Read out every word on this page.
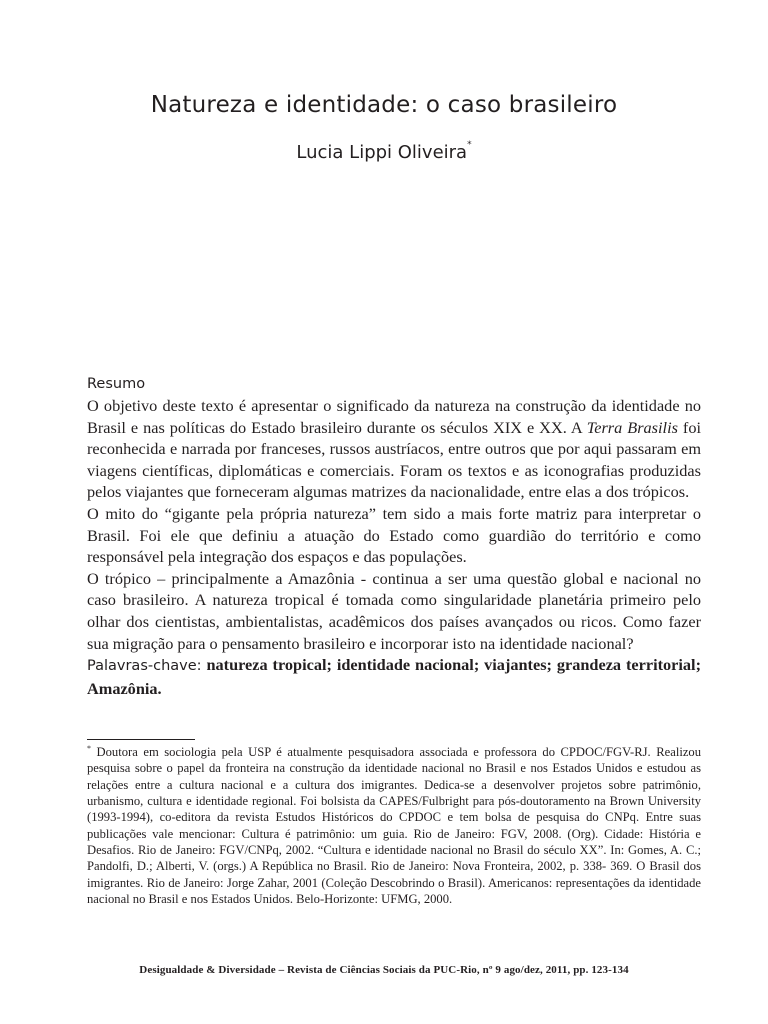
Natureza e identidade: o caso brasileiro
Lucia Lippi Oliveira*
Resumo

O objetivo deste texto é apresentar o significado da natureza na construção da identidade no Brasil e nas políticas do Estado brasileiro durante os séculos XIX e XX. A Terra Brasilis foi reconhecida e narrada por franceses, russos austríacos, entre outros que por aqui passaram em viagens científicas, diplomáticas e comerciais. Foram os textos e as iconografias produzidas pelos viajantes que forneceram algumas matrizes da nacionalidade, entre elas a dos trópicos.

O mito do “gigante pela própria natureza” tem sido a mais forte matriz para interpretar o Brasil. Foi ele que definiu a atuação do Estado como guardião do território e como responsável pela integração dos espaços e das populações.

O trópico – principalmente a Amazônia - continua a ser uma questão global e nacional no caso brasileiro. A natureza tropical é tomada como singularidade planetária primeiro pelo olhar dos cientistas, ambientalistas, acadêmicos dos países avançados ou ricos. Como fazer sua migração para o pensamento brasileiro e incorporar isto na identidade nacional?

Palavras-chave: natureza tropical; identidade nacional; viajantes; grandeza territorial; Amazônia.

* Doutora em sociologia pela USP é atualmente pesquisadora associada e professora do CPDOC/FGV-RJ. Realizou pesquisa sobre o papel da fronteira na construção da identidade nacional no Brasil e nos Estados Unidos e estudou as relações entre a cultura nacional e a cultura dos imigrantes. Dedica-se a desenvolver projetos sobre patrimônio, urbanismo, cultura e identidade regional. Foi bolsista da CAPES/Fulbright para pós-doutoramento na Brown University (1993-1994), co-editora da revista Estudos Históricos do CPDOC e tem bolsa de pesquisa do CNPq. Entre suas publicações vale mencionar: Cultura é patrimônio: um guia. Rio de Janeiro: FGV, 2008. (Org). Cidade: História e Desafios. Rio de Janeiro: FGV/CNPq, 2002. “Cultura e identidade nacional no Brasil do século XX”. In: Gomes, A. C.; Pandolfi, D.; Alberti, V. (orgs.) A República no Brasil. Rio de Janeiro: Nova Fronteira, 2002, p. 338- 369. O Brasil dos imigrantes. Rio de Janeiro: Jorge Zahar, 2001 (Coleção Descobrindo o Brasil). Americanos: representações da identidade nacional no Brasil e nos Estados Unidos. Belo-Horizonte: UFMG, 2000.

Desigualdade & Diversidade – Revista de Ciências Sociais da PUC-Rio, nº 9 ago/dez, 2011, pp. 123-134
